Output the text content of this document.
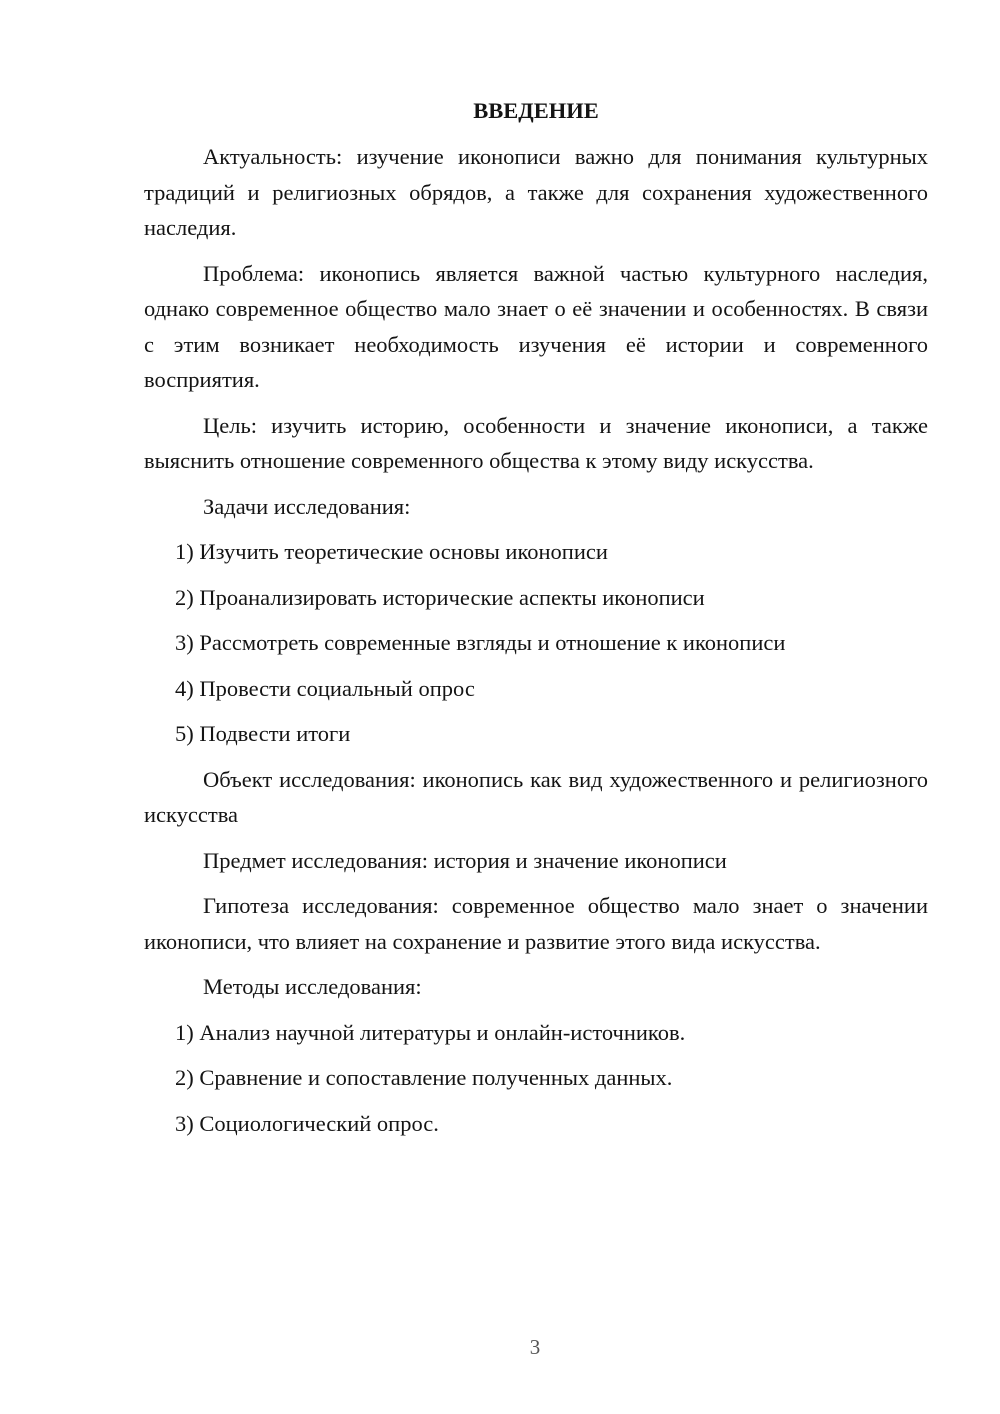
ВВЕДЕНИЕ

Актуальность: изучение иконописи важно для понимания культурных традиций и религиозных обрядов, а также для сохранения художественного наследия.

Проблема: иконопись является важной частью культурного наследия, однако современное общество мало знает о её значении и особенностях. В связи с этим возникает необходимость изучения её истории и современного восприятия.

Цель: изучить историю, особенности и значение иконописи, а также выяснить отношение современного общества к этому виду искусства.

Задачи исследования:

1) Изучить теоретические основы иконописи
2) Проанализировать исторические аспекты иконописи
3) Рассмотреть современные взгляды и отношение к иконописи
4) Провести социальный опрос
5) Подвести итоги

Объект исследования: иконопись как вид художественного и религиозного искусства

Предмет исследования: история и значение иконописи

Гипотеза исследования: современное общество мало знает о значении иконописи, что влияет на сохранение и развитие этого вида искусства.

Методы исследования:

1) Анализ научной литературы и онлайн-источников.
2) Сравнение и сопоставление полученных данных.
3) Социологический опрос.
3
